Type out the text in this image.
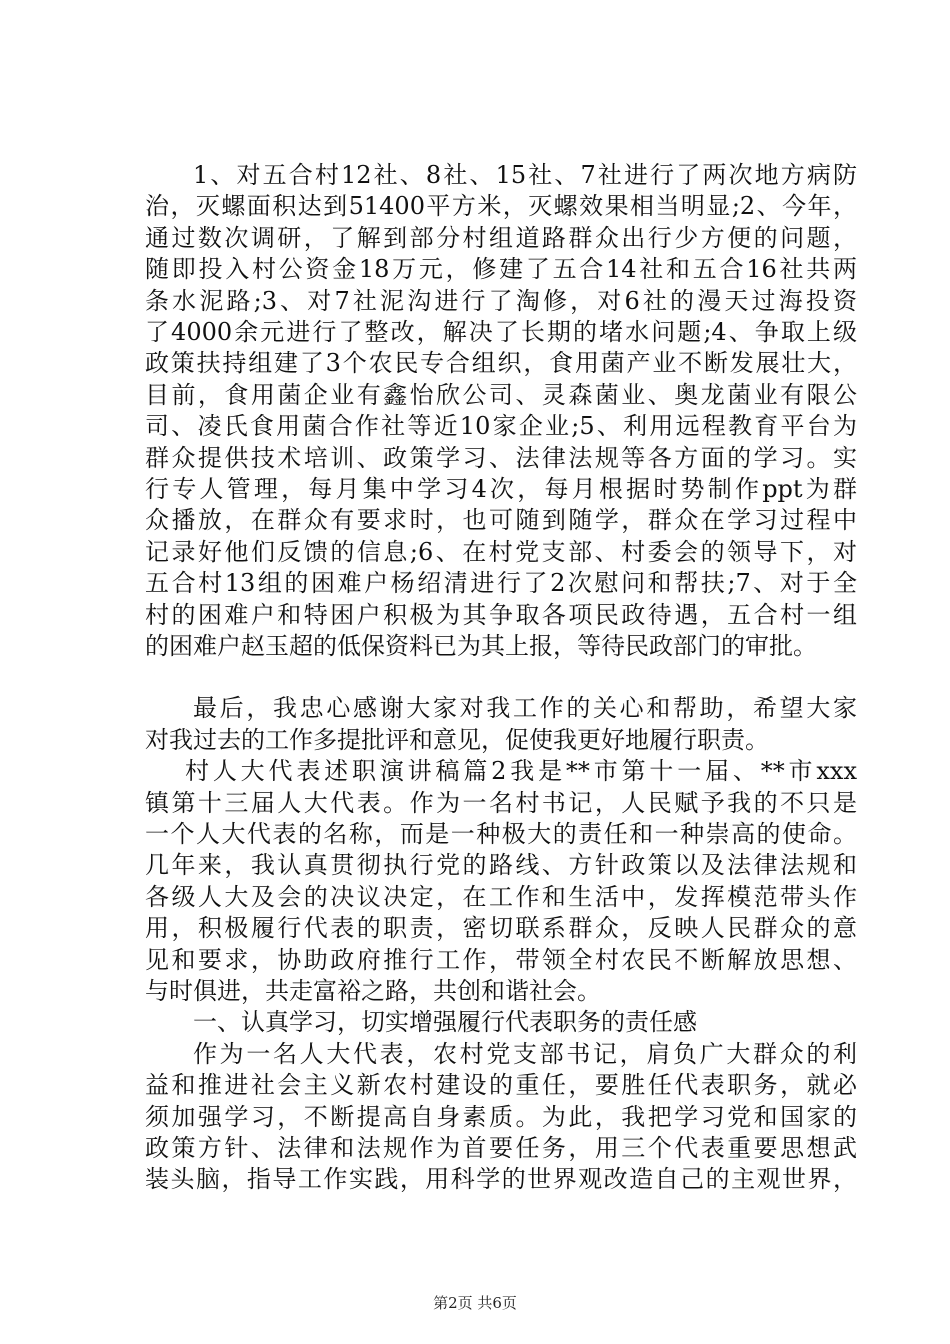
1、对五合村12社、8社、15社、7社进行了两次地方病防
治，灭螺面积达到51400平方米，灭螺效果相当明显;2、今年，
通过数次调研，了解到部分村组道路群众出行少方便的问题，
随即投入村公资金18万元，修建了五合14社和五合16社共两
条水泥路;3、对7社泥沟进行了淘修，对6社的漫天过海投资
了4000余元进行了整改，解决了长期的堵水问题;4、争取上级
政策扶持组建了3个农民专合组织，食用菌产业不断发展壮大，
目前，食用菌企业有鑫怡欣公司、灵森菌业、奥龙菌业有限公
司、凌氏食用菌合作社等近10家企业;5、利用远程教育平台为
群众提供技术培训、政策学习、法律法规等各方面的学习。实
行专人管理，每月集中学习4次，每月根据时势制作ppt为群
众播放，在群众有要求时，也可随到随学，群众在学习过程中
记录好他们反馈的信息;6、在村党支部、村委会的领导下，对
五合村13组的困难户杨绍清进行了2次慰问和帮扶;7、对于全
村的困难户和特困户积极为其争取各项民政待遇，五合村一组
的困难户赵玉超的低保资料已为其上报，等待民政部门的审批。
最后，我忠心感谢大家对我工作的关心和帮助，希望大家
对我过去的工作多提批评和意见，促使我更好地履行职责。
村人大代表述职演讲稿篇2我是**市第十一届、**市xxx
镇第十三届人大代表。作为一名村书记，人民赋予我的不只是
一个人大代表的名称，而是一种极大的责任和一种崇高的使命。
几年来，我认真贯彻执行党的路线、方针政策以及法律法规和
各级人大及会的决议决定，在工作和生活中，发挥模范带头作
用，积极履行代表的职责，密切联系群众，反映人民群众的意
见和要求，协助政府推行工作，带领全村农民不断解放思想、
与时俱进，共走富裕之路，共创和谐社会。
一、认真学习，切实增强履行代表职务的责任感
作为一名人大代表，农村党支部书记，肩负广大群众的利
益和推进社会主义新农村建设的重任，要胜任代表职务，就必
须加强学习，不断提高自身素质。为此，我把学习党和国家的
政策方针、法律和法规作为首要任务，用三个代表重要思想武
装头脑，指导工作实践，用科学的世界观改造自己的主观世界，
第2页 共6页
